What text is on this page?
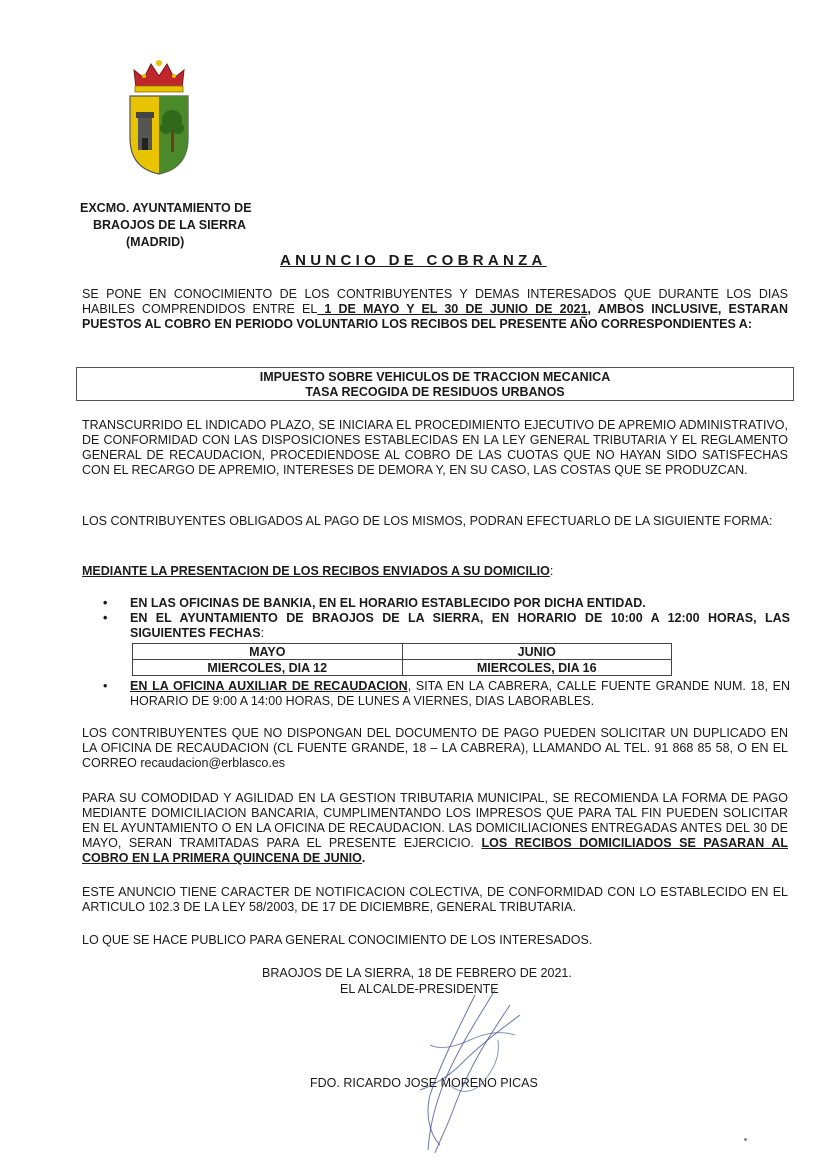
EXCMO. AYUNTAMIENTO DE
BRAOJOS DE LA SIERRA
(MADRID)
ANUNCIO DE COBRANZA
SE PONE EN CONOCIMIENTO DE LOS CONTRIBUYENTES Y DEMAS INTERESADOS QUE DURANTE LOS DIAS HABILES COMPRENDIDOS ENTRE EL 1 DE MAYO Y EL 30 DE JUNIO DE 2021, AMBOS INCLUSIVE, ESTARAN PUESTOS AL COBRO EN PERIODO VOLUNTARIO LOS RECIBOS DEL PRESENTE AÑO CORRESPONDIENTES A:
IMPUESTO SOBRE VEHICULOS DE TRACCION MECANICA
TASA RECOGIDA DE RESIDUOS URBANOS
TRANSCURRIDO EL INDICADO PLAZO, SE INICIARA EL PROCEDIMIENTO EJECUTIVO DE APREMIO ADMINISTRATIVO, DE CONFORMIDAD CON LAS DISPOSICIONES ESTABLECIDAS EN LA LEY GENERAL TRIBUTARIA Y EL REGLAMENTO GENERAL DE RECAUDACION, PROCEDIENDOSE AL COBRO DE LAS CUOTAS QUE NO HAYAN SIDO SATISFECHAS CON EL RECARGO DE APREMIO, INTERESES DE DEMORA Y, EN SU CASO, LAS COSTAS QUE SE PRODUZCAN.
LOS CONTRIBUYENTES OBLIGADOS AL PAGO DE LOS MISMOS, PODRAN EFECTUARLO DE LA SIGUIENTE FORMA:
MEDIANTE LA PRESENTACION DE LOS RECIBOS ENVIADOS A SU DOMICILIO:
• EN LAS OFICINAS DE BANKIA, EN EL HORARIO ESTABLECIDO POR DICHA ENTIDAD.
• EN EL AYUNTAMIENTO DE BRAOJOS DE LA SIERRA, EN HORARIO DE 10:00 A 12:00 HORAS, LAS SIGUIENTES FECHAS:
MAYO	JUNIO
MIERCOLES, DIA 12	MIERCOLES, DIA 16
• EN LA OFICINA AUXILIAR DE RECAUDACION, SITA EN LA CABRERA, CALLE FUENTE GRANDE NUM. 18, EN HORARIO DE 9:00 A 14:00 HORAS, DE LUNES A VIERNES, DIAS LABORABLES.
LOS CONTRIBUYENTES QUE NO DISPONGAN DEL DOCUMENTO DE PAGO PUEDEN SOLICITAR UN DUPLICADO EN LA OFICINA DE RECAUDACION (CL FUENTE GRANDE, 18 – LA CABRERA), LLAMANDO AL TEL. 91 868 85 58, O EN EL CORREO recaudacion@erblasco.es
PARA SU COMODIDAD Y AGILIDAD EN LA GESTION TRIBUTARIA MUNICIPAL, SE RECOMIENDA LA FORMA DE PAGO MEDIANTE DOMICILIACION BANCARIA, CUMPLIMENTANDO LOS IMPRESOS QUE PARA TAL FIN PUEDEN SOLICITAR EN EL AYUNTAMIENTO O EN LA OFICINA DE RECAUDACION. LAS DOMICILIACIONES ENTREGADAS ANTES DEL 30 DE MAYO, SERAN TRAMITADAS PARA EL PRESENTE EJERCICIO. LOS RECIBOS DOMICILIADOS SE PASARAN AL COBRO EN LA PRIMERA QUINCENA DE JUNIO.
ESTE ANUNCIO TIENE CARACTER DE NOTIFICACION COLECTIVA, DE CONFORMIDAD CON LO ESTABLECIDO EN EL ARTICULO 102.3 DE LA LEY 58/2003, DE 17 DE DICIEMBRE, GENERAL TRIBUTARIA.
LO QUE SE HACE PUBLICO PARA GENERAL CONOCIMIENTO DE LOS INTERESADOS.
BRAOJOS DE LA SIERRA, 18 DE FEBRERO DE 2021.
EL ALCALDE-PRESIDENTE
FDO. RICARDO JOSE MORENO PICAS
